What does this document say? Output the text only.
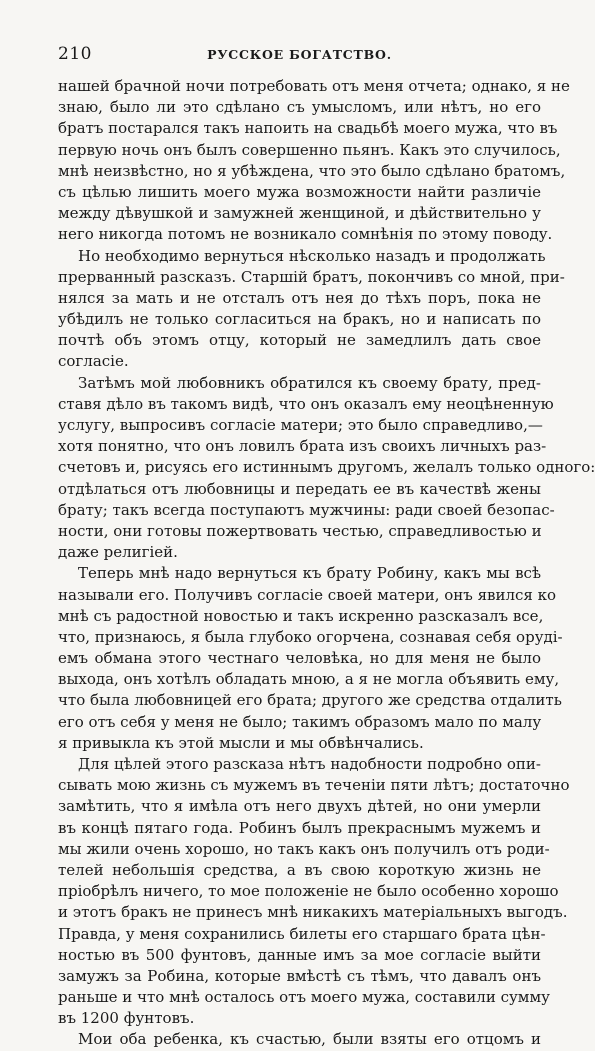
210	РУССКОЕ БОГАТСТВО.
нашей брачной ночи потребовать отъ меня отчета; однако, я не
знаю, было ли это сдѣлано съ умысломъ, или нѣтъ, но его
братъ постарался такъ напоить на свадьбѣ моего мужа, что въ
первую ночь онъ былъ совершенно пьянъ. Какъ это случилось,
мнѣ неизвѣстно, но я убѣждена, что это было сдѣлано братомъ,
съ цѣлью лишить моего мужа возможности найти различіе
между дѣвушкой и замужней женщиной, и дѣйствительно у
него никогда потомъ не возникало сомнѣнія по этому поводу.
Но необходимо вернуться нѣсколько назадъ и продолжать
прерванный разсказъ. Старшій братъ, покончивъ со мной, при-
нялся за мать и не отсталъ отъ нея до тѣхъ поръ, пока не
убѣдилъ не только согласиться на бракъ, но и написать по
почтѣ объ этомъ отцу, который не замедлилъ дать свое
согласіе.
Затѣмъ мой любовникъ обратился къ своему брату, пред-
ставя дѣло въ такомъ видѣ, что онъ оказалъ ему неоцѣненную
услугу, выпросивъ согласіе матери; это было справедливо,—
хотя понятно, что онъ ловилъ брата изъ своихъ личныхъ раз-
счетовъ и, рисуясь его истиннымъ другомъ, желалъ только одного:
отдѣлаться отъ любовницы и передать ее въ качествѣ жены
брату; такъ всегда поступаютъ мужчины: ради своей безопас-
ности, они готовы пожертвовать честью, справедливостью и
даже религіей.
Теперь мнѣ надо вернуться къ брату Робину, какъ мы всѣ
называли его. Получивъ согласіе своей матери, онъ явился ко
мнѣ съ радостной новостью и такъ искренно разсказалъ все,
что, признаюсь, я была глубоко огорчена, сознавая себя оруді-
емъ обмана этого честнаго человѣка, но для меня не было
выхода, онъ хотѣлъ обладать мною, а я не могла объявить ему,
что была любовницей его брата; другого же средства отдалить
его отъ себя у меня не было; такимъ образомъ мало по малу
я привыкла къ этой мысли и мы обвѣнчались.
Для цѣлей этого разсказа нѣтъ надобности подробно опи-
сывать мою жизнь съ мужемъ въ теченіи пяти лѣтъ; достаточно
замѣтить, что я имѣла отъ него двухъ дѣтей, но они умерли
въ концѣ пятаго года. Робинъ былъ прекраснымъ мужемъ и
мы жили очень хорошо, но такъ какъ онъ получилъ отъ роди-
телей небольшія средства, а въ свою короткую жизнь не
пріобрѣлъ ничего, то мое положеніе не было особенно хорошо
и этотъ бракъ не принесъ мнѣ никакихъ матеріальныхъ выгодъ.
Правда, у меня сохранились билеты его старшаго брата цѣн-
ностью въ 500 фунтовъ, данные имъ за мое согласіе выйти
замужъ за Робина, которые вмѣстѣ съ тѣмъ, что давалъ онъ
раньше и что мнѣ осталось отъ моего мужа, составили сумму
въ 1200 фунтовъ.
Мои оба ребенка, къ счастью, были взяты его отцомъ и
